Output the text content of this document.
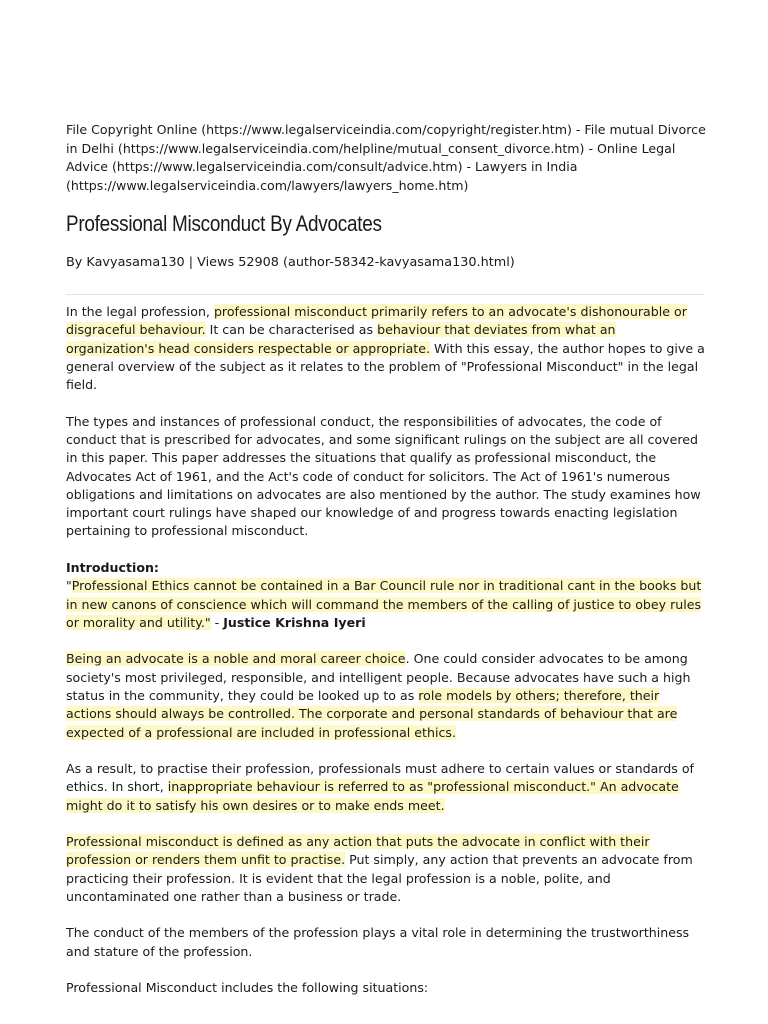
File Copyright Online (https://www.legalserviceindia.com/copyright/register.htm) - File mutual Divorce in Delhi (https://www.legalserviceindia.com/helpline/mutual_consent_divorce.htm) - Online Legal Advice (https://www.legalserviceindia.com/consult/advice.htm) - Lawyers in India (https://www.legalserviceindia.com/lawyers/lawyers_home.htm)
Professional Misconduct By Advocates
By Kavyasama130 | Views 52908 (author-58342-kavyasama130.html)

In the legal profession, professional misconduct primarily refers to an advocate's dishonourable or disgraceful behaviour. It can be characterised as behaviour that deviates from what an organization's head considers respectable or appropriate. With this essay, the author hopes to give a general overview of the subject as it relates to the problem of "Professional Misconduct" in the legal field.

The types and instances of professional conduct, the responsibilities of advocates, the code of conduct that is prescribed for advocates, and some significant rulings on the subject are all covered in this paper. This paper addresses the situations that qualify as professional misconduct, the Advocates Act of 1961, and the Act's code of conduct for solicitors. The Act of 1961's numerous obligations and limitations on advocates are also mentioned by the author. The study examines how important court rulings have shaped our knowledge of and progress towards enacting legislation pertaining to professional misconduct.

Introduction:

"Professional Ethics cannot be contained in a Bar Council rule nor in traditional cant in the books but in new canons of conscience which will command the members of the calling of justice to obey rules or morality and utility." - Justice Krishna Iyeri

Being an advocate is a noble and moral career choice. One could consider advocates to be among society's most privileged, responsible, and intelligent people. Because advocates have such a high status in the community, they could be looked up to as role models by others; therefore, their actions should always be controlled. The corporate and personal standards of behaviour that are expected of a professional are included in professional ethics.

As a result, to practise their profession, professionals must adhere to certain values or standards of ethics. In short, inappropriate behaviour is referred to as "professional misconduct." An advocate might do it to satisfy his own desires or to make ends meet.

Professional misconduct is defined as any action that puts the advocate in conflict with their profession or renders them unfit to practise. Put simply, any action that prevents an advocate from practicing their profession. It is evident that the legal profession is a noble, polite, and uncontaminated one rather than a business or trade.

The conduct of the members of the profession plays a vital role in determining the trustworthiness and stature of the profession.

Professional Misconduct includes the following situations:
